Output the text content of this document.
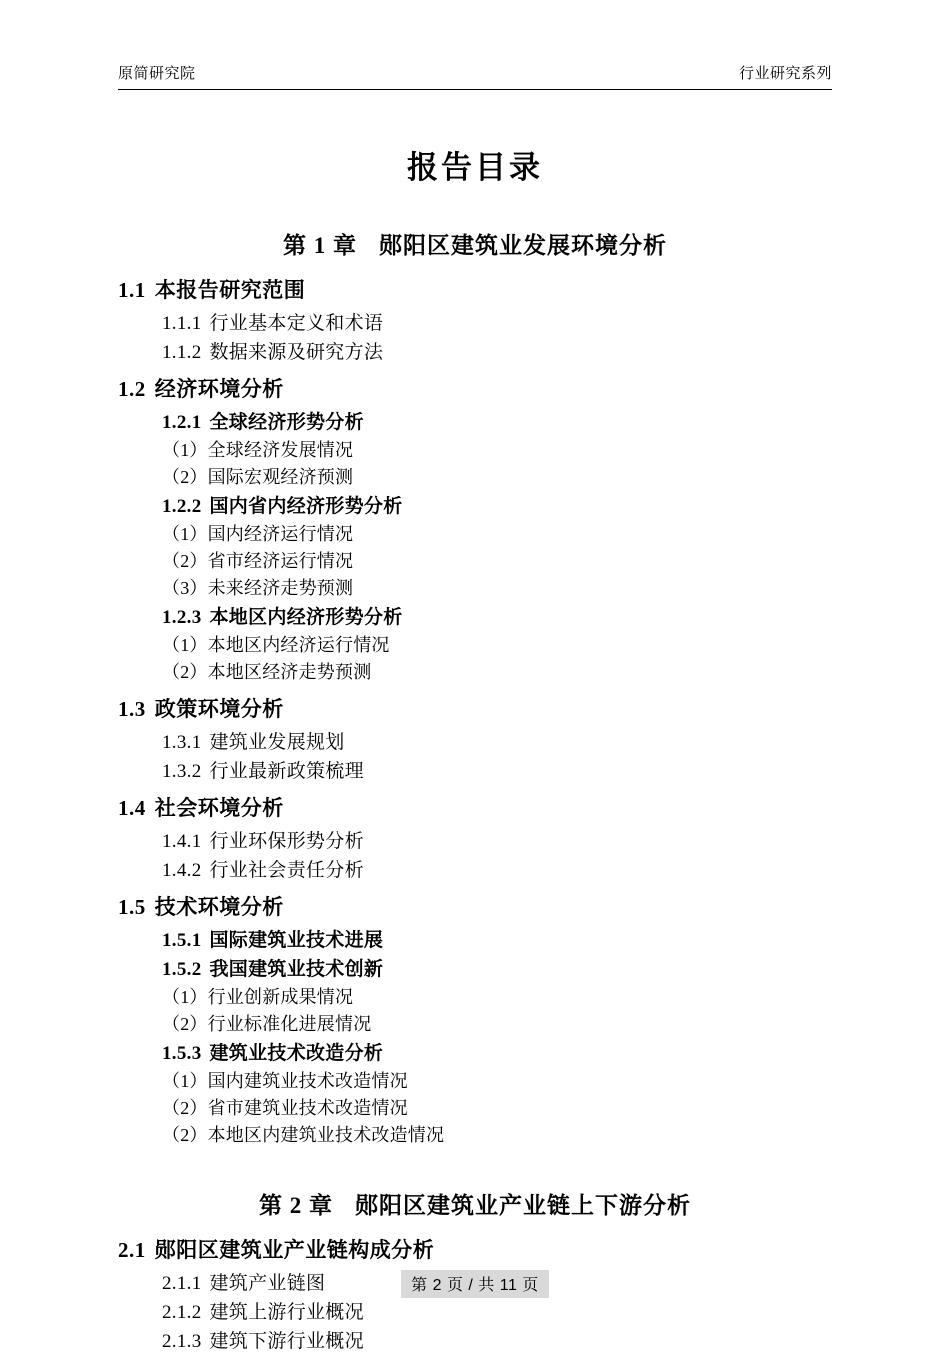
原简研究院	行业研究系列
报告目录
第 1 章 郧阳区建筑业发展环境分析
1.1 本报告研究范围
1.1.1 行业基本定义和术语
1.1.2 数据来源及研究方法
1.2 经济环境分析
1.2.1 全球经济形势分析
（1）全球经济发展情况
（2）国际宏观经济预测
1.2.2 国内省内经济形势分析
（1）国内经济运行情况
（2）省市经济运行情况
（3）未来经济走势预测
1.2.3 本地区内经济形势分析
（1）本地区内经济运行情况
（2）本地区经济走势预测
1.3 政策环境分析
1.3.1 建筑业发展规划
1.3.2 行业最新政策梳理
1.4 社会环境分析
1.4.1 行业环保形势分析
1.4.2 行业社会责任分析
1.5 技术环境分析
1.5.1 国际建筑业技术进展
1.5.2 我国建筑业技术创新
（1）行业创新成果情况
（2）行业标准化进展情况
1.5.3 建筑业技术改造分析
（1）国内建筑业技术改造情况
（2）省市建筑业技术改造情况
（2）本地区内建筑业技术改造情况
第 2 章 郧阳区建筑业产业链上下游分析
2.1 郧阳区建筑业产业链构成分析
2.1.1 建筑产业链图
2.1.2 建筑上游行业概况
2.1.3 建筑下游行业概况
第 2 页 / 共 11 页
